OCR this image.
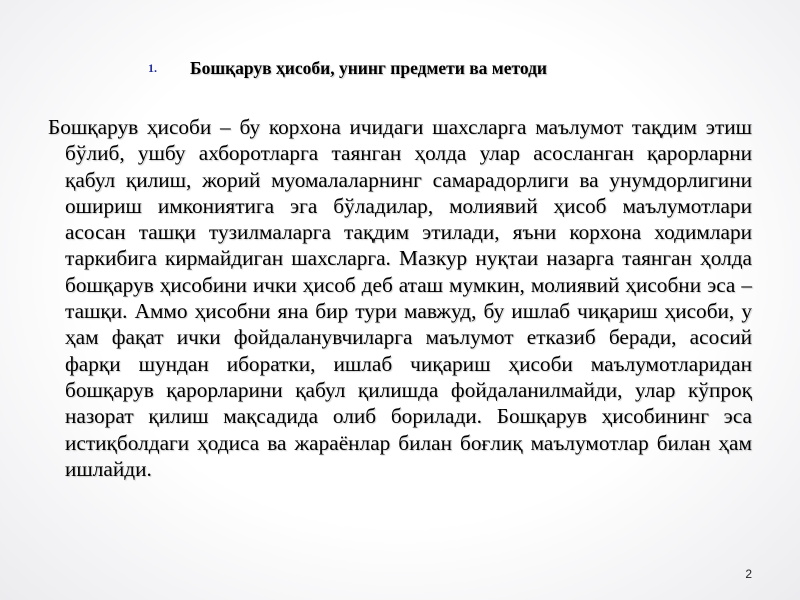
1.	Бошқарув ҳисоби, унинг предмети ва методи

Бошқарув ҳисоби – бу корхона ичидаги шахсларга маълумот тақдим этиш бўлиб, ушбу ахборотларга таянган ҳолда улар асосланган қарорларни қабул қилиш, жорий муомалаларнинг самарадорлиги ва унумдорлигини ошириш имкониятига эга бўладилар, молиявий ҳисоб маълумотлари асосан ташқи тузилмаларга тақдим этилади, яъни корхона ходимлари таркибига кирмайдиган шахсларга. Мазкур нуқтаи назарга таянган ҳолда бошқарув ҳисобини ички ҳисоб деб аташ мумкин, молиявий ҳисобни эса – ташқи. Аммо ҳисобни яна бир тури мавжуд, бу ишлаб чиқариш ҳисоби, у ҳам фақат ички фойдаланувчиларга маълумот етказиб беради, асосий фарқи шундан иборатки, ишлаб чиқариш ҳисоби маълумотларидан бошқарув қарорларини қабул қилишда фойдаланилмайди, улар кўпроқ назорат қилиш мақсадида олиб борилади. Бошқарув ҳисобининг эса истиқболдаги ҳодиса ва жараёнлар билан боғлиқ маълумотлар билан ҳам ишлайди.

2
